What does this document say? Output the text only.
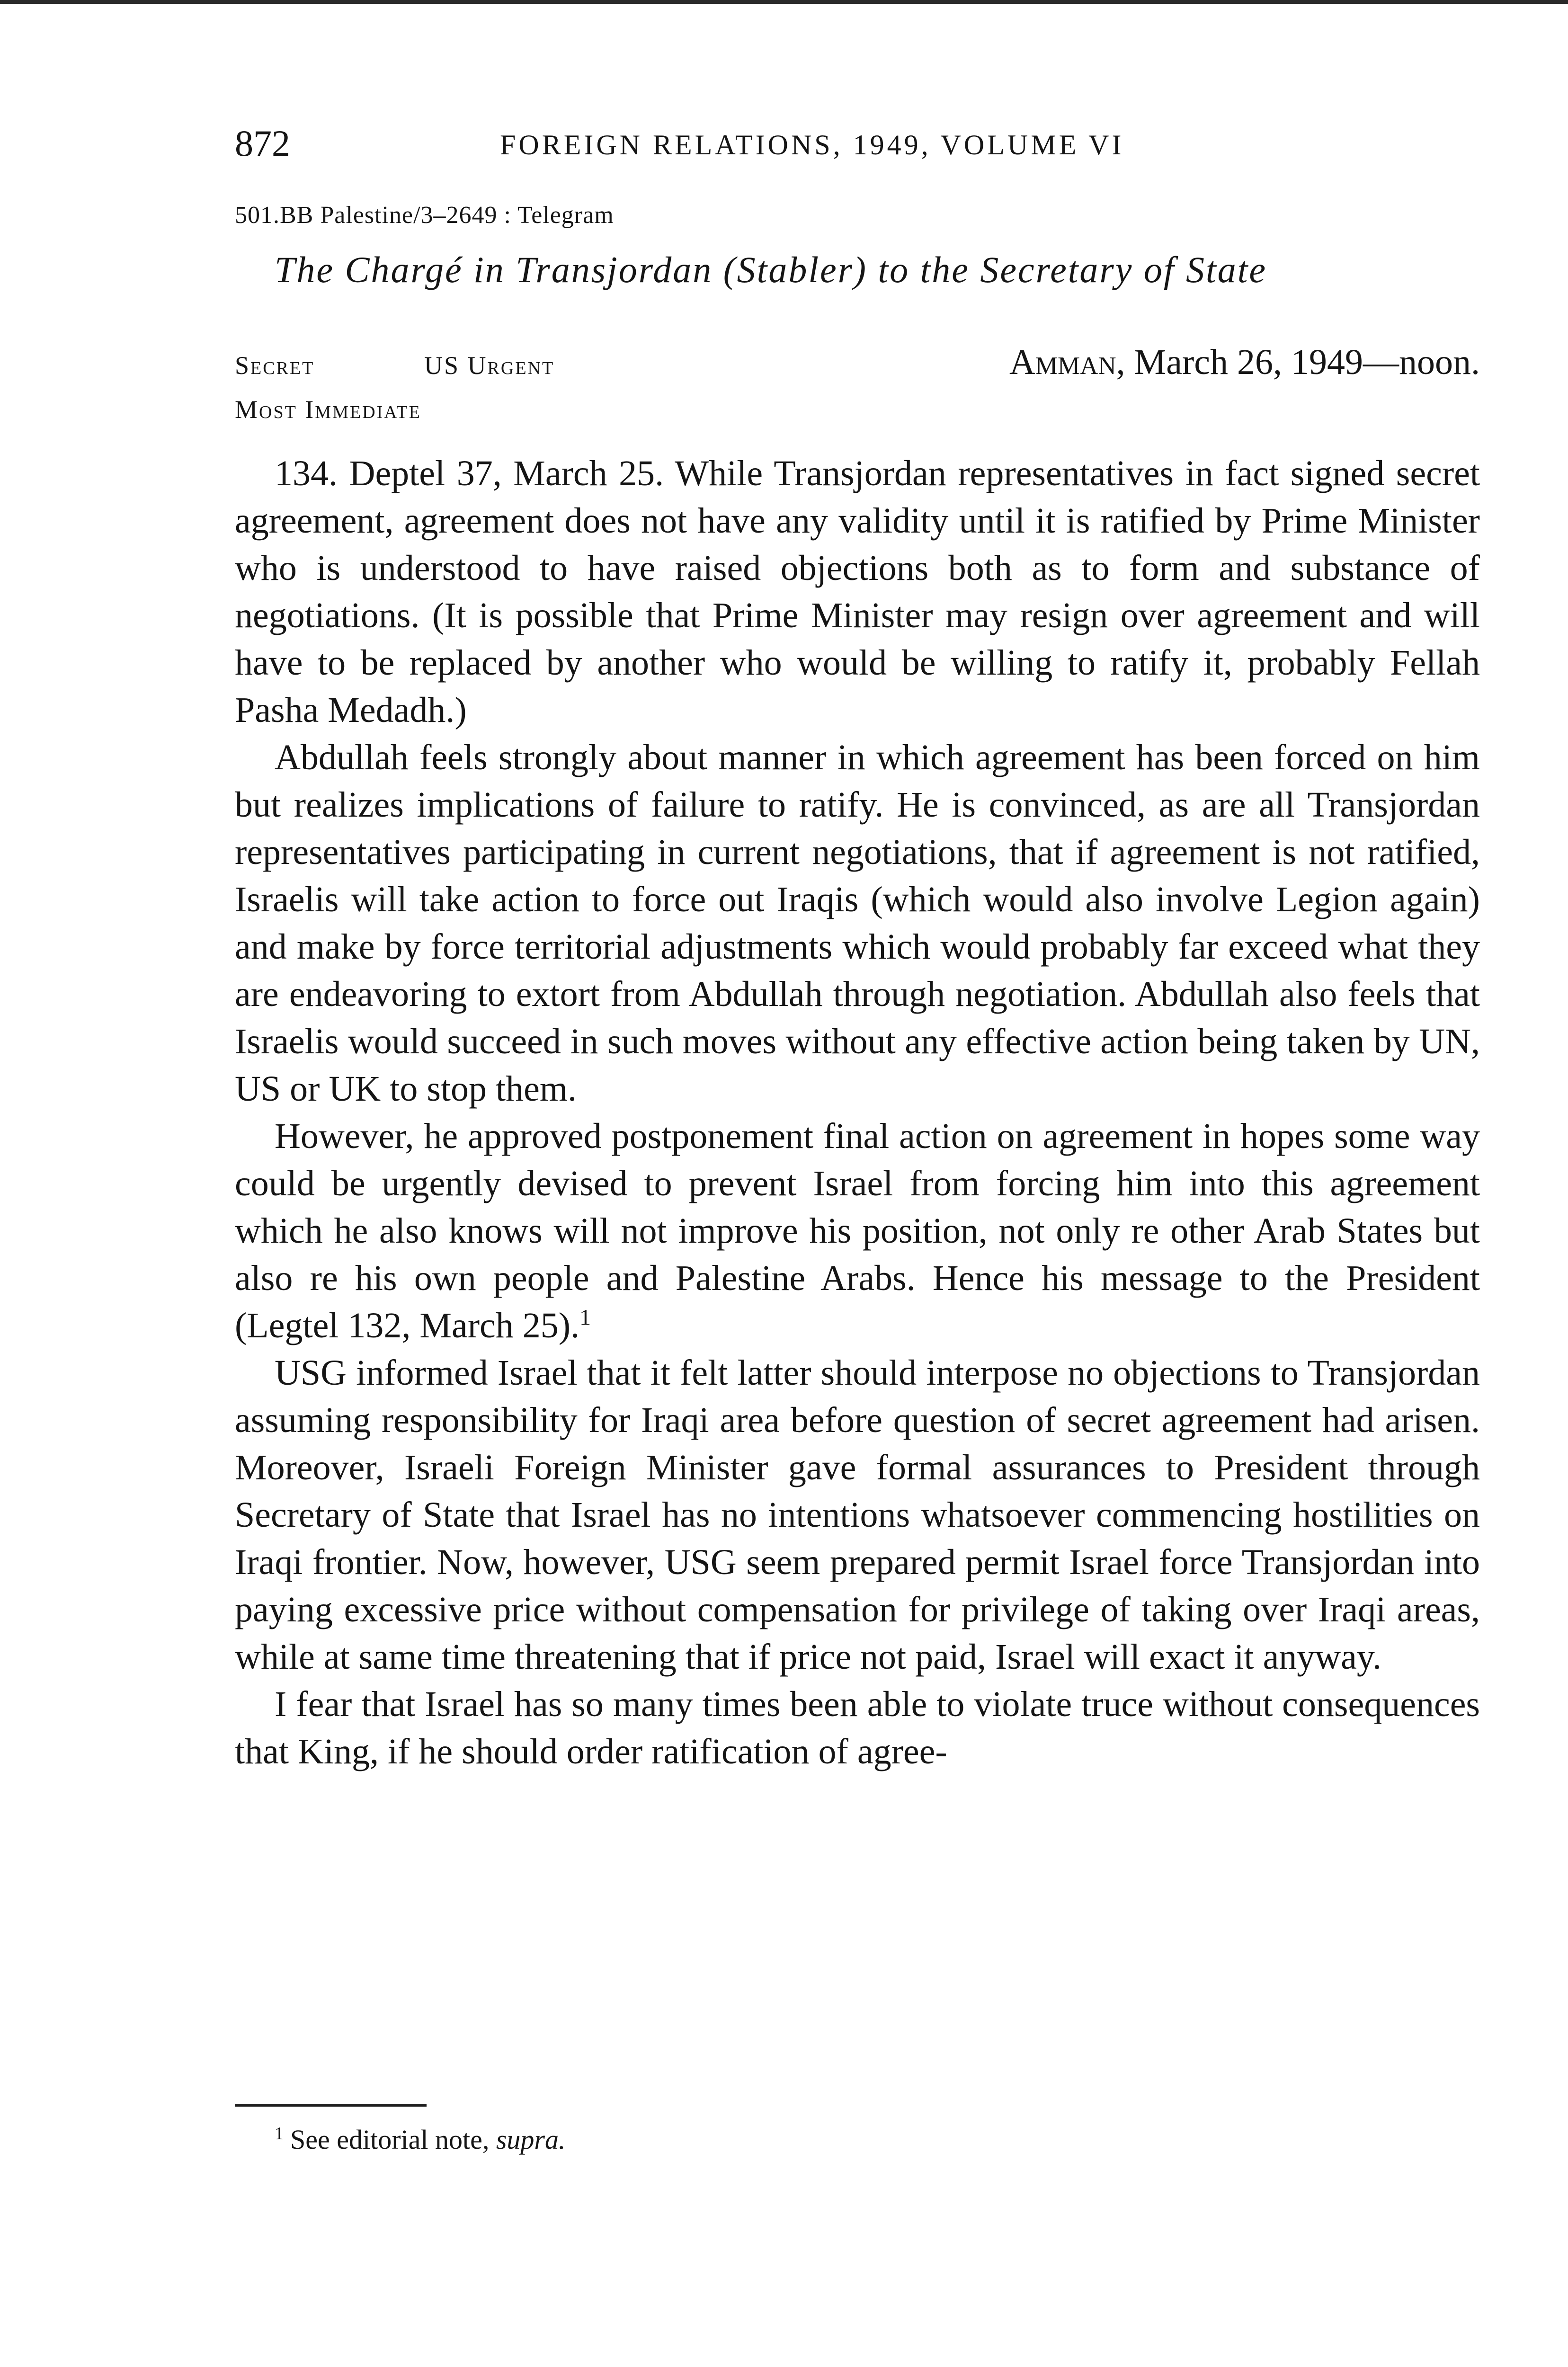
872	FOREIGN RELATIONS, 1949, VOLUME VI
501.BB Palestine/3–2649 : Telegram
The Chargé in Transjordan (Stabler) to the Secretary of State
Secret	US Urgent	Amman, March 26, 1949—noon.
Most Immediate

134. Deptel 37, March 25. While Transjordan representatives in fact signed secret agreement, agreement does not have any validity until it is ratified by Prime Minister who is understood to have raised objections both as to form and substance of negotiations. (It is possible that Prime Minister may resign over agreement and will have to be replaced by another who would be willing to ratify it, probably Fellah Pasha Medadh.)

Abdullah feels strongly about manner in which agreement has been forced on him but realizes implications of failure to ratify. He is convinced, as are all Transjordan representatives participating in current negotiations, that if agreement is not ratified, Israelis will take action to force out Iraqis (which would also involve Legion again) and make by force territorial adjustments which would probably far exceed what they are endeavoring to extort from Abdullah through negotiation. Abdullah also feels that Israelis would succeed in such moves without any effective action being taken by UN, US or UK to stop them.

However, he approved postponement final action on agreement in hopes some way could be urgently devised to prevent Israel from forcing him into this agreement which he also knows will not improve his position, not only re other Arab States but also re his own people and Palestine Arabs. Hence his message to the President (Legtel 132, March 25).$^1$

USG informed Israel that it felt latter should interpose no objections to Transjordan assuming responsibility for Iraqi area before question of secret agreement had arisen. Moreover, Israeli Foreign Minister gave formal assurances to President through Secretary of State that Israel has no intentions whatsoever commencing hostilities on Iraqi frontier. Now, however, USG seem prepared permit Israel force Transjordan into paying excessive price without compensation for privilege of taking over Iraqi areas, while at same time threatening that if price not paid, Israel will exact it anyway.

I fear that Israel has so many times been able to violate truce without consequences that King, if he should order ratification of agree-

$^1$ See editorial note, supra.
